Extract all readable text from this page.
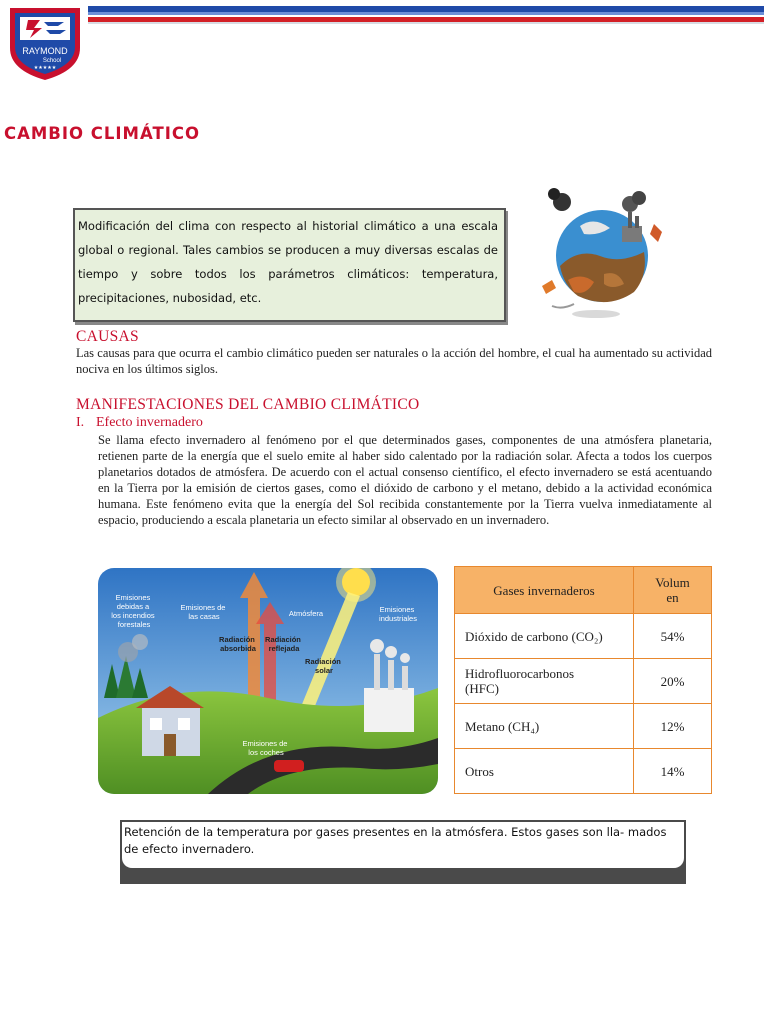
RAYMOND
School
★★★★★
CAMBIO CLIMÁTICO

Modificación del clima con respecto al historial climático a una escala global o regional. Tales cambios se producen a muy diversas escalas de tiempo y sobre todos los parámetros climáticos: temperatura, precipitaciones, nubosidad, etc.

CAUSAS

Las causas para que ocurra el cambio climático pueden ser naturales o la acción del hombre, el cual ha aumentado su actividad nociva en los últimos siglos.

MANIFESTACIONES DEL CAMBIO CLIMÁTICO
I. Efecto invernadero

Se llama efecto invernadero al fenómeno por el que determinados gases, componentes de una atmósfera planetaria, retienen parte de la energía que el suelo emite al haber sido calentado por la radiación solar. Afecta a todos los cuerpos planetarios dotados de atmósfera. De acuerdo con el actual consenso científico, el efecto invernadero se está acentuando en la Tierra por la emisión de ciertos gases, como el dióxido de carbono y el metano, debido a la actividad económica humana. Este fenómeno evita que la energía del Sol recibida constantemente por la Tierra vuelva inmediatamente al espacio, produciendo a escala planetaria un efecto similar al observado en un invernadero.

Emisiones debidas a los incendios forestales
Emisiones de las casas	Atmósfera	Emisiones industriales
Radiación absorbida
Radiación reflejada
Radiación solar
Emisiones de los coches
Gases invernaderos	Volum en
Dióxido de carbono (CO₂)	54%
Hidrofluorocarbonos (HFC)	20%
Metano (CH₄)	12%
Otros	14%

Retención de la temperatura por gases presentes en la atmósfera. Estos gases son lla- mados de efecto invernadero.
